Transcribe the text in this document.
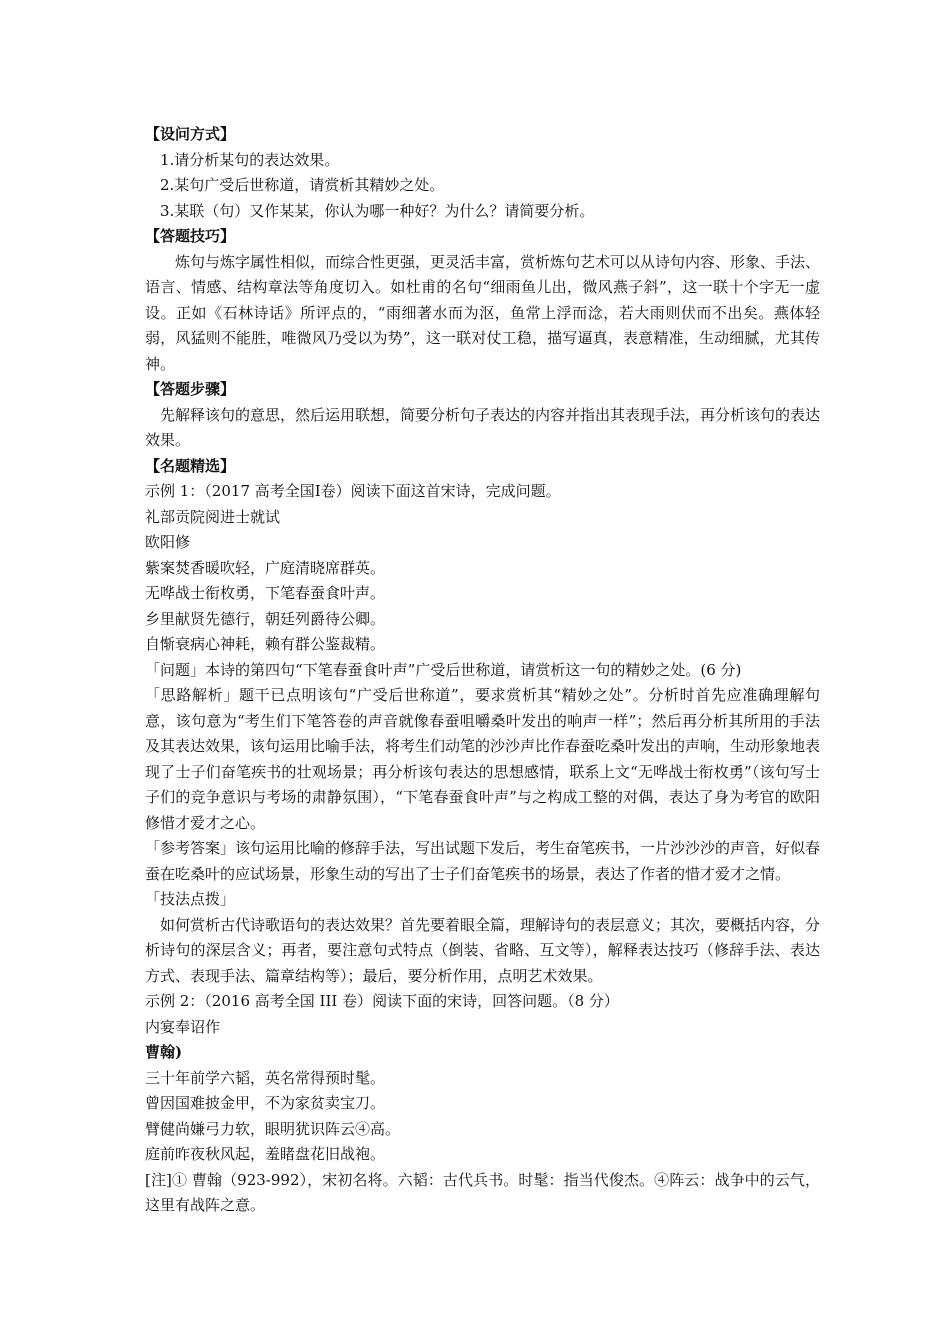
【设问方式】
1.请分析某句的表达效果。
2.某句广受后世称道，请赏析其精妙之处。
3.某联（句）又作某某，你认为哪一种好？为什么？请简要分析。
【答题技巧】
炼句与炼字属性相似，而综合性更强，更灵活丰富，赏析炼句艺术可以从诗句内容、形象、手法、语言、情感、结构章法等角度切入。如杜甫的名句“细雨鱼儿出，微风燕子斜”，这一联十个字无一虚设。正如《石林诗话》所评点的，“雨细著水而为沤，鱼常上浮而淰，若大雨则伏而不出矣。燕体轻弱，风猛则不能胜，唯微风乃受以为势”，这一联对仗工稳，描写逼真，表意精准，生动细腻，尤其传神。
【答题步骤】
先解释该句的意思，然后运用联想，简要分析句子表达的内容并指出其表现手法，再分析该句的表达效果。
【名题精选】
示例 1：（2017 高考全国Ⅰ卷）阅读下面这首宋诗，完成问题。
礼部贡院阅进士就试
欧阳修
紫案焚香暖吹轻，广庭清晓席群英。
无哗战士衔枚勇，下笔春蚕食叶声。
乡里献贤先德行，朝廷列爵待公卿。
自惭衰病心神耗，赖有群公鉴裁精。
「问题」本诗的第四句“下笔春蚕食叶声”广受后世称道，请赏析这一句的精妙之处。(6 分)
「思路解析」题干已点明该句“广受后世称道”，要求赏析其“精妙之处”。分析时首先应准确理解句意，该句意为“考生们下笔答卷的声音就像春蚕咀嚼桑叶发出的响声一样”；然后再分析其所用的手法及其表达效果，该句运用比喻手法，将考生们动笔的沙沙声比作春蚕吃桑叶发出的声响，生动形象地表现了士子们奋笔疾书的壮观场景；再分析该句表达的思想感情，联系上文“无哗战士衔枚勇”（该句写士子们的竞争意识与考场的肃静氛围），“下笔春蚕食叶声”与之构成工整的对偶，表达了身为考官的欧阳修惜才爱才之心。
「参考答案」该句运用比喻的修辞手法，写出试题下发后，考生奋笔疾书，一片沙沙沙的声音，好似春蚕在吃桑叶的应试场景，形象生动的写出了士子们奋笔疾书的场景，表达了作者的惜才爱才之情。
「技法点拨」
如何赏析古代诗歌语句的表达效果？首先要着眼全篇，理解诗句的表层意义；其次，要概括内容，分析诗句的深层含义；再者，要注意句式特点（倒装、省略、互文等），解释表达技巧（修辞手法、表达方式、表现手法、篇章结构等）；最后，要分析作用，点明艺术效果。
示例 2：（2016 高考全国 III 卷）阅读下面的宋诗，回答问题。（8 分）
内宴奉诏作
曹翰)
三十年前学六韬，英名常得预时髦。
曾因国难披金甲，不为家贫卖宝刀。
臂健尚嫌弓力软，眼明犹识阵云④高。
庭前昨夜秋风起，羞睹盘花旧战袍。
[注]① 曹翰（923-992），宋初名将。六韬：古代兵书。时髦：指当代俊杰。④阵云：战争中的云气，这里有战阵之意。
